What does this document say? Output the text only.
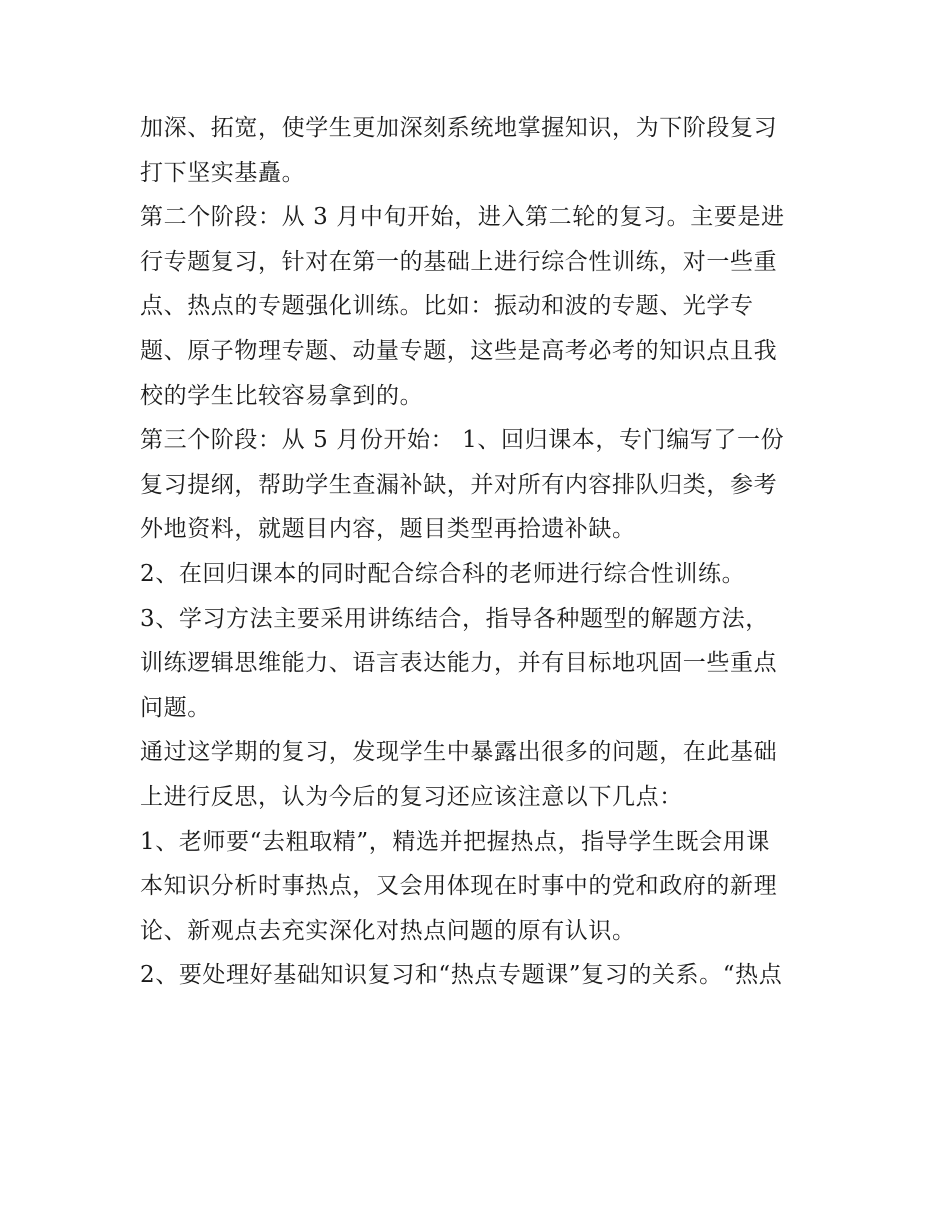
加深、拓宽，使学生更加深刻系统地掌握知识，为下阶段复习
打下坚实基矗。
第二个阶段：从 3 月中旬开始，进入第二轮的复习。主要是进
行专题复习，针对在第一的基础上进行综合性训练，对一些重
点、热点的专题强化训练。比如：振动和波的专题、光学专
题、原子物理专题、动量专题，这些是高考必考的知识点且我
校的学生比较容易拿到的。
第三个阶段：从 5 月份开始： 1、回归课本，专门编写了一份
复习提纲，帮助学生查漏补缺，并对所有内容排队归类，参考
外地资料，就题目内容，题目类型再拾遗补缺。
2、在回归课本的同时配合综合科的老师进行综合性训练。
3、学习方法主要采用讲练结合，指导各种题型的解题方法，
训练逻辑思维能力、语言表达能力，并有目标地巩固一些重点
问题。
通过这学期的复习，发现学生中暴露出很多的问题，在此基础
上进行反思，认为今后的复习还应该注意以下几点：
1、老师要“去粗取精”，精选并把握热点，指导学生既会用课
本知识分析时事热点，又会用体现在时事中的党和政府的新理
论、新观点去充实深化对热点问题的原有认识。
2、要处理好基础知识复习和“热点专题课”复习的关系。“热点
